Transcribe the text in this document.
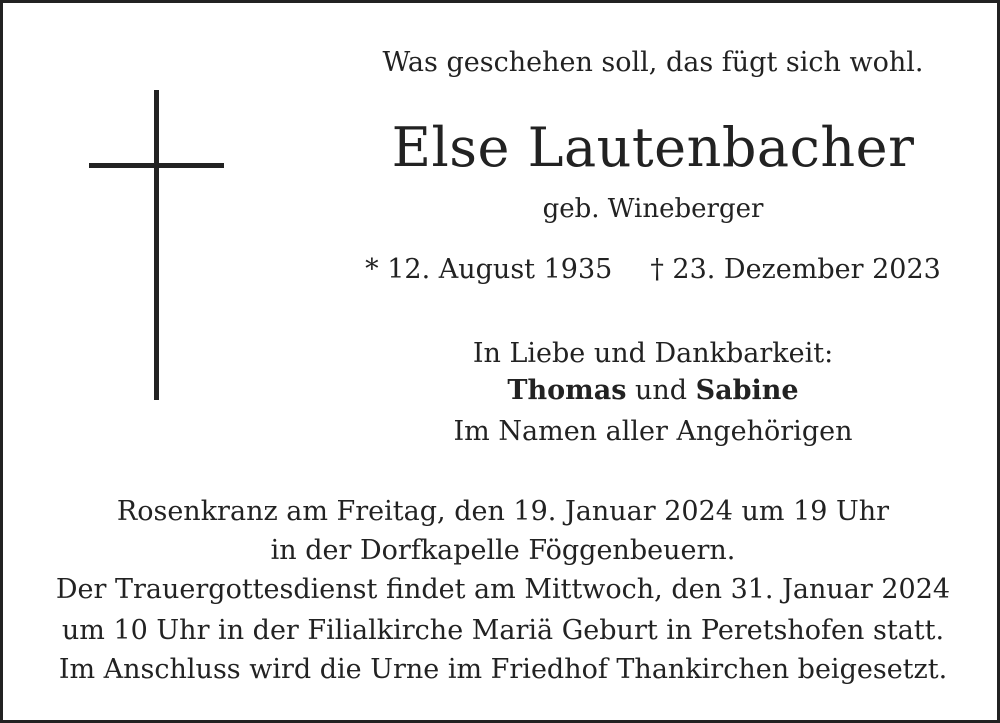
Was geschehen soll, das fügt sich wohl.
Else Lautenbacher
geb. Wineberger
* 12. August 1935 † 23. Dezember 2023
In Liebe und Dankbarkeit:
Thomas und Sabine
Im Namen aller Angehörigen
Rosenkranz am Freitag, den 19. Januar 2024 um 19 Uhr
in der Dorfkapelle Föggenbeuern.
Der Trauergottesdienst findet am Mittwoch, den 31. Januar 2024
um 10 Uhr in der Filialkirche Mariä Geburt in Peretshofen statt.
Im Anschluss wird die Urne im Friedhof Thankirchen beigesetzt.
